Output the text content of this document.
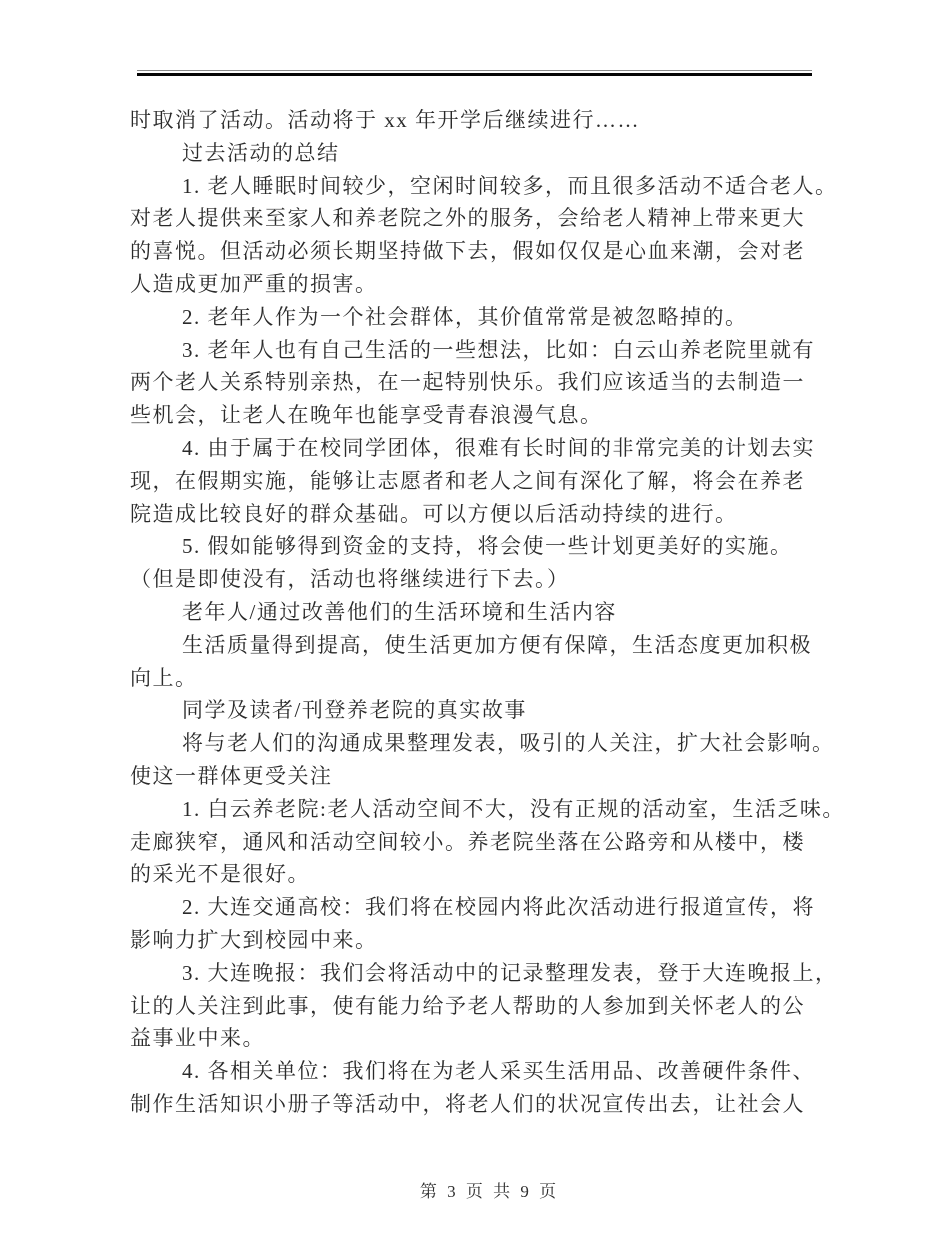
时取消了活动。活动将于 xx 年开学后继续进行……
过去活动的总结
1. 老人睡眠时间较少，空闲时间较多，而且很多活动不适合老人。
对老人提供来至家人和养老院之外的服务，会给老人精神上带来更大
的喜悦。但活动必须长期坚持做下去，假如仅仅是心血来潮，会对老
人造成更加严重的损害。
2. 老年人作为一个社会群体，其价值常常是被忽略掉的。
3. 老年人也有自己生活的一些想法，比如：白云山养老院里就有
两个老人关系特别亲热，在一起特别快乐。我们应该适当的去制造一
些机会，让老人在晚年也能享受青春浪漫气息。
4. 由于属于在校同学团体，很难有长时间的非常完美的计划去实
现，在假期实施，能够让志愿者和老人之间有深化了解，将会在养老
院造成比较良好的群众基础。可以方便以后活动持续的进行。
5. 假如能够得到资金的支持，将会使一些计划更美好的实施。
（但是即使没有，活动也将继续进行下去。）
老年人/通过改善他们的生活环境和生活内容
生活质量得到提高，使生活更加方便有保障，生活态度更加积极
向上。
同学及读者/刊登养老院的真实故事
将与老人们的沟通成果整理发表，吸引的人关注，扩大社会影响。
使这一群体更受关注
1. 白云养老院:老人活动空间不大，没有正规的活动室，生活乏味。
走廊狭窄，通风和活动空间较小。养老院坐落在公路旁和从楼中，楼
的采光不是很好。
2. 大连交通高校：我们将在校园内将此次活动进行报道宣传，将
影响力扩大到校园中来。
3. 大连晚报：我们会将活动中的记录整理发表，登于大连晚报上，
让的人关注到此事，使有能力给予老人帮助的人参加到关怀老人的公
益事业中来。
4. 各相关单位：我们将在为老人采买生活用品、改善硬件条件、
制作生活知识小册子等活动中，将老人们的状况宣传出去，让社会人

第 3 页 共 9 页
